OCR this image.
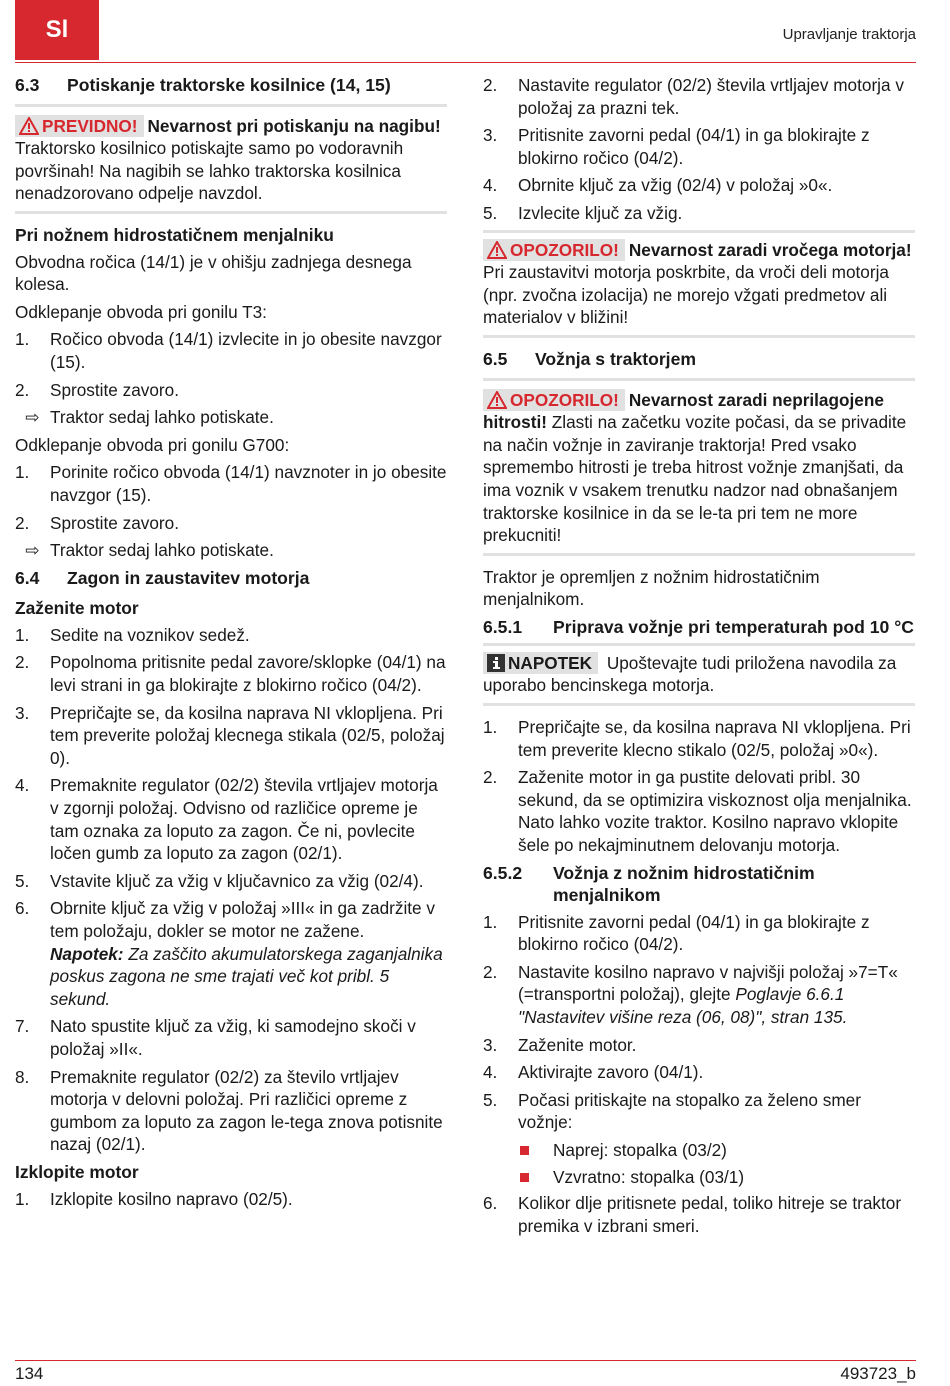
Sl	Upravljanje traktorja
6.3	Potiskanje traktorske kosilnice (14, 15)
PREVIDNO! Nevarnost pri potiskanju na nagibu! Traktorsko kosilnico potiskajte samo po vodoravnih površinah! Na nagibih se lahko traktorska kosilnica nenadzorovano odpelje navzdol.
Pri nožnem hidrostatičnem menjalniku

Obvodna ročica (14/1) je v ohišju zadnjega desnega kolesa.

Odklepanje obvoda pri gonilu T3:

1.	Ročico obvoda (14/1) izvlecite in jo obesite navzgor (15).
2.	Sprostite zavoro.
⇨ Traktor sedaj lahko potiskate.

Odklepanje obvoda pri gonilu G700:

1.	Porinite ročico obvoda (14/1) navznoter in jo obesite navzgor (15).
2.	Sprostite zavoro.
⇨ Traktor sedaj lahko potiskate.
6.4	Zagon in zaustavitev motorja
Zaženite motor
1.	Sedite na voznikov sedež.
2.	Popolnoma pritisnite pedal zavore/sklopke (04/1) na levi strani in ga blokirajte z blokirno ročico (04/2).
3.	Prepričajte se, da kosilna naprava NI vklopljena. Pri tem preverite položaj klecnega stikala (02/5, položaj 0).
4.	Premaknite regulator (02/2) števila vrtljajev motorja v zgornji položaj. Odvisno od različice opreme je tam oznaka za loputo za zagon. Če ni, povlecite ločen gumb za loputo za zagon (02/1).
5.	Vstavite ključ za vžig v ključavnico za vžig (02/4).
6.	Obrnite ključ za vžig v položaj »III« in ga zadržite v tem položaju, dokler se motor ne zažene.
Napotek: Za zaščito akumulatorskega zaganjalnika poskus zagona ne sme trajati več kot pribl. 5 sekund.
7.	Nato spustite ključ za vžig, ki samodejno skoči v položaj »II«.
8.	Premaknite regulator (02/2) za število vrtljajev motorja v delovni položaj. Pri različici opreme z gumbom za loputo za zagon le-tega znova potisnite nazaj (02/1).
Izklopite motor
1.	Izklopite kosilno napravo (02/5).
2.	Nastavite regulator (02/2) števila vrtljajev motorja v položaj za prazni tek.
3.	Pritisnite zavorni pedal (04/1) in ga blokirajte z blokirno ročico (04/2).
4.	Obrnite ključ za vžig (02/4) v položaj »0«.
5.	Izvlecite ključ za vžig.
OPOZORILO! Nevarnost zaradi vročega motorja! Pri zaustavitvi motorja poskrbite, da vroči deli motorja (npr. zvočna izolacija) ne morejo vžgati predmetov ali materialov v bližini!
6.5	Vožnja s traktorjem
OPOZORILO! Nevarnost zaradi neprilagojene hitrosti! Zlasti na začetku vozite počasi, da se privadite na način vožnje in zaviranje traktorja! Pred vsako spremembo hitrosti je treba hitrost vožnje zmanjšati, da ima voznik v vsakem trenutku nadzor nad obnašanjem traktorske kosilnice in da se le-ta pri tem ne more prekucniti!

Traktor je opremljen z nožnim hidrostatičnim menjalnikom.

6.5.1	Priprava vožnje pri temperaturah pod 10 °C
NAPOTEK Upoštevajte tudi priložena navodila za uporabo bencinskega motorja.
1.	Prepričajte se, da kosilna naprava NI vklopljena. Pri tem preverite klecno stikalo (02/5, položaj »0«).
2.	Zaženite motor in ga pustite delovati pribl. 30 sekund, da se optimizira viskoznost olja menjalnika. Nato lahko vozite traktor. Kosilno napravo vklopite šele po nekajminutnem delovanju motorja.
6.5.2	Vožnja z nožnim hidrostatičnim menjalnikom
1.	Pritisnite zavorni pedal (04/1) in ga blokirajte z blokirno ročico (04/2).
2.	Nastavite kosilno napravo v najvišji položaj »7=T« (=transportni položaj), glejte Poglavje 6.6.1 "Nastavitev višine reza (06, 08)", stran 135.
3.	Zaženite motor.
4.	Aktivirajte zavoro (04/1).
5.	Počasi pritiskajte na stopalko za želeno smer vožnje:
Naprej: stopalka (03/2)
Vzvratno: stopalka (03/1)
6.	Kolikor dlje pritisnete pedal, toliko hitreje se traktor premika v izbrani smeri.
134	493723_b
